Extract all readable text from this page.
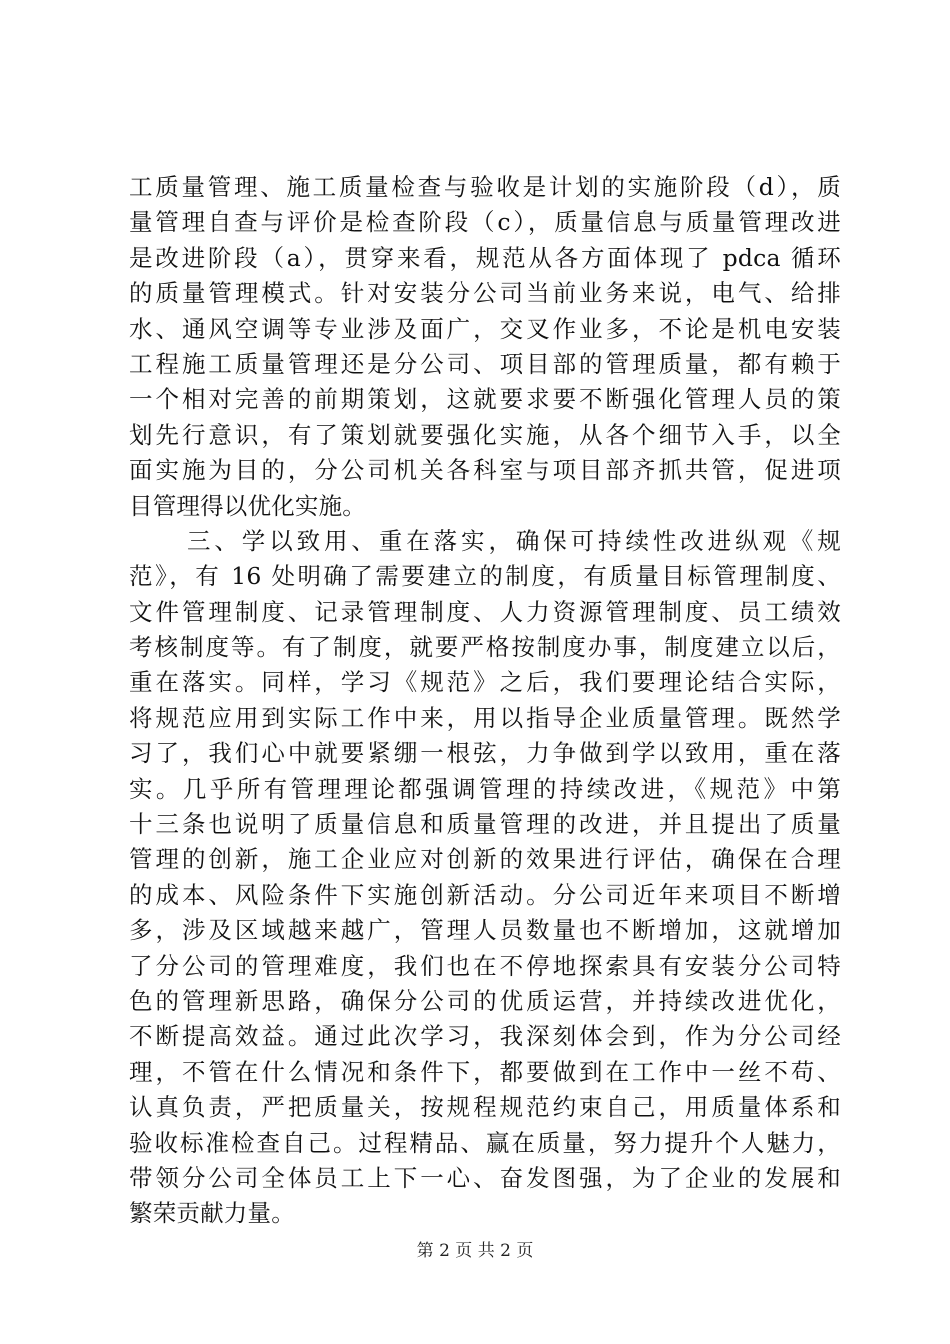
工质量管理、施工质量检查与验收是计划的实施阶段（d），质
量管理自查与评价是检查阶段（c），质量信息与质量管理改进
是改进阶段（a），贯穿来看，规范从各方面体现了 pdca 循环
的质量管理模式。针对安装分公司当前业务来说，电气、给排
水、通风空调等专业涉及面广，交叉作业多，不论是机电安装
工程施工质量管理还是分公司、项目部的管理质量，都有赖于
一个相对完善的前期策划，这就要求要不断强化管理人员的策
划先行意识，有了策划就要强化实施，从各个细节入手，以全
面实施为目的，分公司机关各科室与项目部齐抓共管，促进项
目管理得以优化实施。
三、学以致用、重在落实，确保可持续性改进纵观《规
范》，有 16 处明确了需要建立的制度，有质量目标管理制度、
文件管理制度、记录管理制度、人力资源管理制度、员工绩效
考核制度等。有了制度，就要严格按制度办事，制度建立以后，
重在落实。同样，学习《规范》之后，我们要理论结合实际，
将规范应用到实际工作中来，用以指导企业质量管理。既然学
习了，我们心中就要紧绷一根弦，力争做到学以致用，重在落
实。几乎所有管理理论都强调管理的持续改进，《规范》中第
十三条也说明了质量信息和质量管理的改进，并且提出了质量
管理的创新，施工企业应对创新的效果进行评估，确保在合理
的成本、风险条件下实施创新活动。分公司近年来项目不断增
多，涉及区域越来越广，管理人员数量也不断增加，这就增加
了分公司的管理难度，我们也在不停地探索具有安装分公司特
色的管理新思路，确保分公司的优质运营，并持续改进优化，
不断提高效益。通过此次学习，我深刻体会到，作为分公司经
理，不管在什么情况和条件下，都要做到在工作中一丝不苟、
认真负责，严把质量关，按规程规范约束自己，用质量体系和
验收标准检查自己。过程精品、赢在质量，努力提升个人魅力，
带领分公司全体员工上下一心、奋发图强，为了企业的发展和
繁荣贡献力量。
第 2 页 共 2 页
